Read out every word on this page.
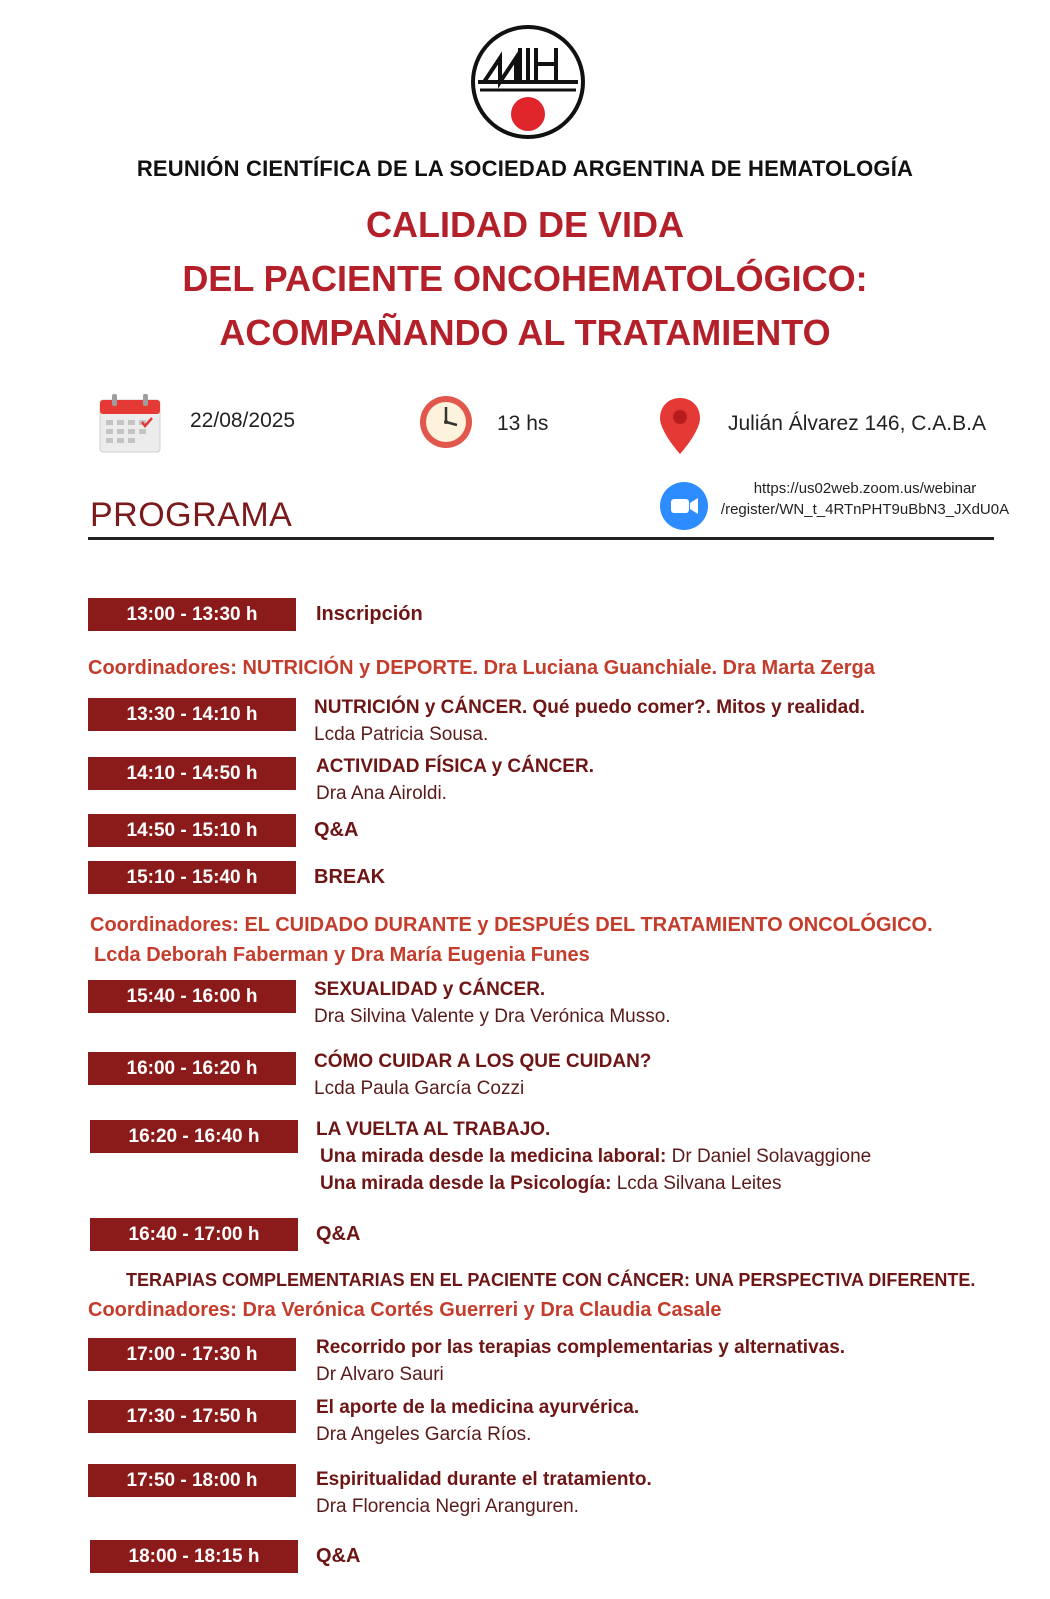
REUNIÓN CIENTÍFICA DE LA SOCIEDAD ARGENTINA DE HEMATOLOGÍA
CALIDAD DE VIDA
DEL PACIENTE ONCOHEMATOLÓGICO:
ACOMPAÑANDO AL TRATAMIENTO
22/08/2025	13 hs	Julián Álvarez 146, C.A.B.A
https://us02web.zoom.us/webinar
/register/WN_t_4RTnPHT9uBbN3_JXdU0A
PROGRAMA
13:00 - 13:30 h	Inscripción
Coordinadores: NUTRICIÓN y DEPORTE. Dra Luciana Guanchiale. Dra Marta Zerga
13:30 - 14:10 h	NUTRICIÓN y CÁNCER. Qué puedo comer?. Mitos y realidad.
Lcda Patricia Sousa.
14:10 - 14:50 h	ACTIVIDAD FÍSICA y CÁNCER.
Dra Ana Airoldi.
14:50 - 15:10 h	Q&A
15:10 - 15:40 h	BREAK
Coordinadores: EL CUIDADO DURANTE y DESPUÉS DEL TRATAMIENTO ONCOLÓGICO.
Lcda Deborah Faberman y Dra María Eugenia Funes
15:40 - 16:00 h	SEXUALIDAD y CÁNCER.
Dra Silvina Valente y Dra Verónica Musso.
16:00 - 16:20 h	CÓMO CUIDAR A LOS QUE CUIDAN?
Lcda Paula García Cozzi
16:20 - 16:40 h	LA VUELTA AL TRABAJO.
Una mirada desde la medicina laboral: Dr Daniel Solavaggione
Una mirada desde la Psicología: Lcda Silvana Leites
16:40 - 17:00 h	Q&A
TERAPIAS COMPLEMENTARIAS EN EL PACIENTE CON CÁNCER: UNA PERSPECTIVA DIFERENTE.
Coordinadores: Dra Verónica Cortés Guerreri y Dra Claudia Casale
17:00 - 17:30 h	Recorrido por las terapias complementarias y alternativas.
Dr Alvaro Sauri
17:30 - 17:50 h	El aporte de la medicina ayurvérica.
Dra Angeles García Ríos.
17:50 - 18:00 h	Espiritualidad durante el tratamiento.
Dra Florencia Negri Aranguren.
18:00 - 18:15 h	Q&A
